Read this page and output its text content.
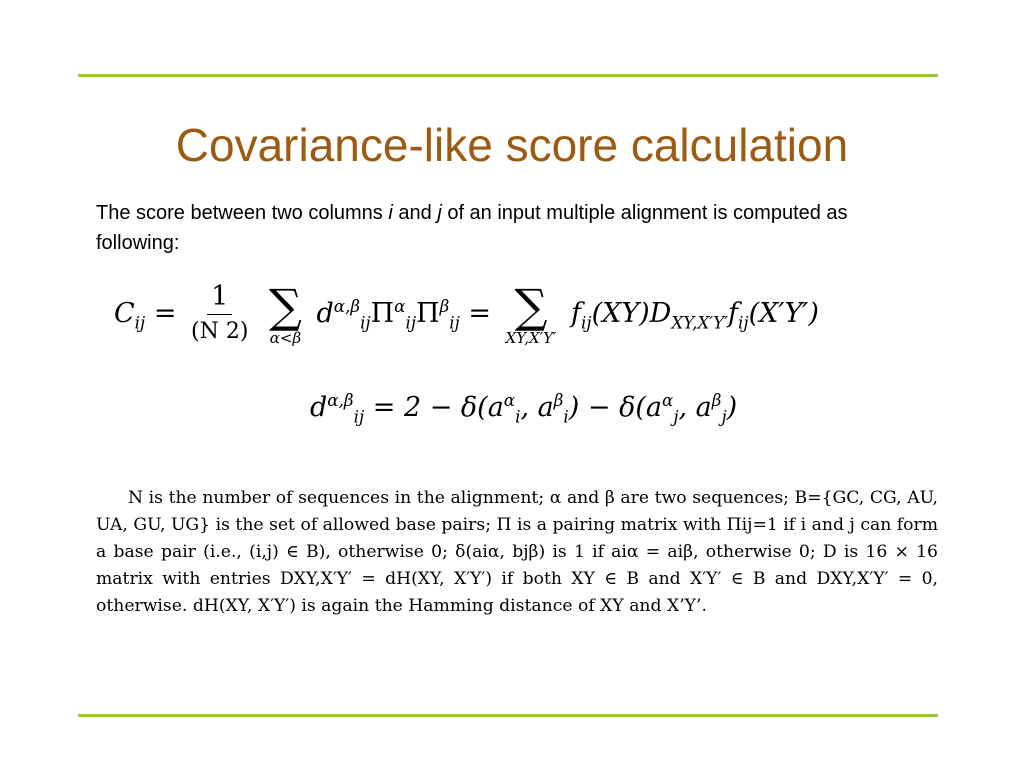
Covariance-like score calculation
The score between two columns i and j of an input multiple alignment is computed as following:
$C_{ij} = \frac{1}{(N 2)}$
∑
α<β
$d^{\alpha,\beta}_{ij}\Pi^\alpha_{ij}\Pi^\beta_{ij}$ = ∑
XY,X′Y′
$f_{ij}(XY)D_{XY,X'Y'}f_{ij}(X'Y')$
$d^{\alpha,\beta}_{ij} = 2 - \delta(a^\alpha_i$, $a^\beta_i) - \delta(a^\alpha_j$, $a^\beta_j$)

N is the number of sequences in the alignment; α and β are two sequences; B={GC, CG, AU, UA, GU, UG} is the set of allowed base pairs; Π is a pairing matrix with Πij=1 if i and j can form a base pair (i.e., (i,j) ∈ B), otherwise 0; δ(aiα, bjβ) is 1 if aiα = aiβ, otherwise 0; D is 16 × 16 matrix with entries DXY,X′Y′ = dH(XY, X′Y′) if both XY ∈ B and X′Y′ ∈ B and DXY,X′Y′ = 0, otherwise. dH(XY, X′Y′) is again the Hamming distance of XY and X’Y’.
